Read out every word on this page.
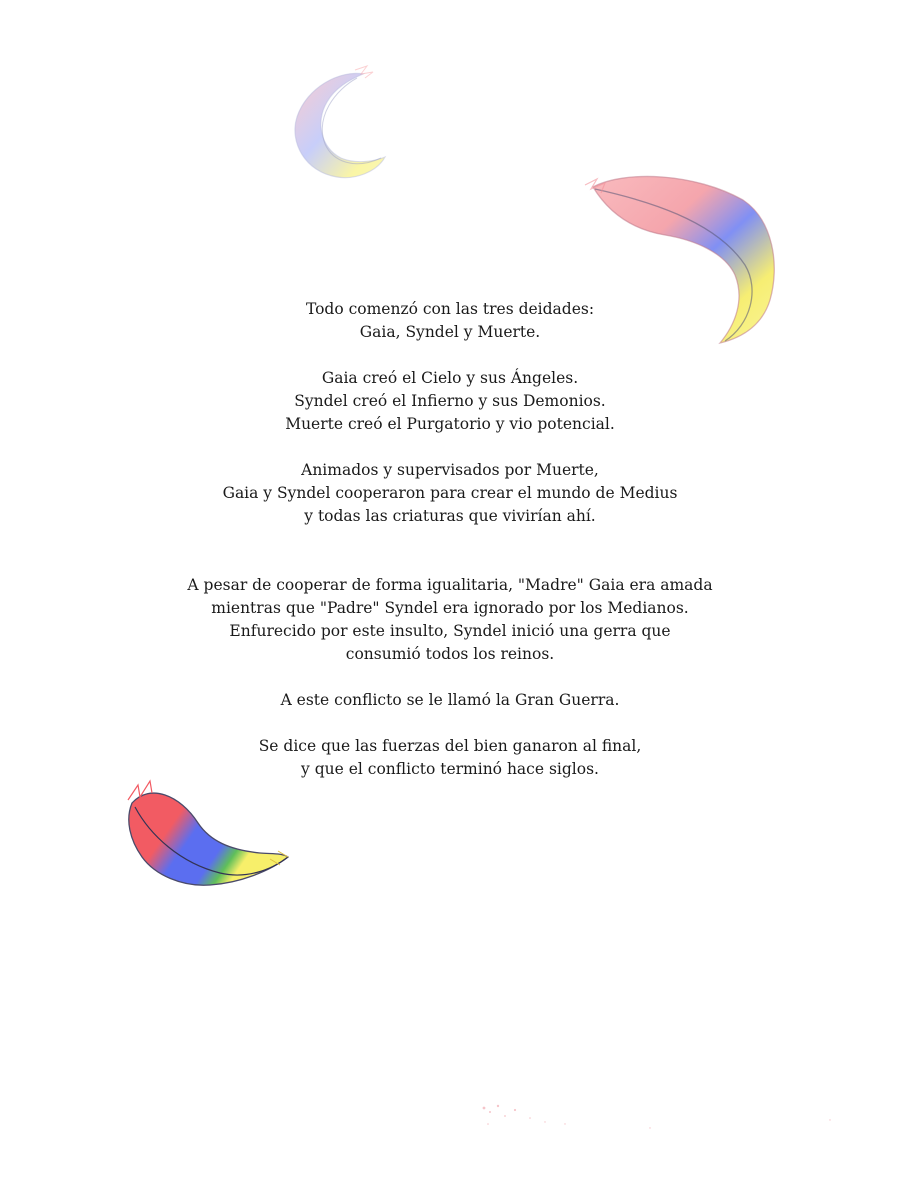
Todo comenzó con las tres deidades:
Gaia, Syndel y Muerte.

Gaia creó el Cielo y sus Ángeles.
Syndel creó el Infierno y sus Demonios.
Muerte creó el Purgatorio y vio potencial.

Animados y supervisados por Muerte,
Gaia y Syndel cooperaron para crear el mundo de Medius
y todas las criaturas que vivirían ahí.

A pesar de cooperar de forma igualitaria, "Madre" Gaia era amada
mientras que "Padre" Syndel era ignorado por los Medianos.
Enfurecido por este insulto, Syndel inició una gerra que
consumió todos los reinos.

A este conflicto se le llamó la Gran Guerra.

Se dice que las fuerzas del bien ganaron al final,
y que el conflicto terminó hace siglos.
